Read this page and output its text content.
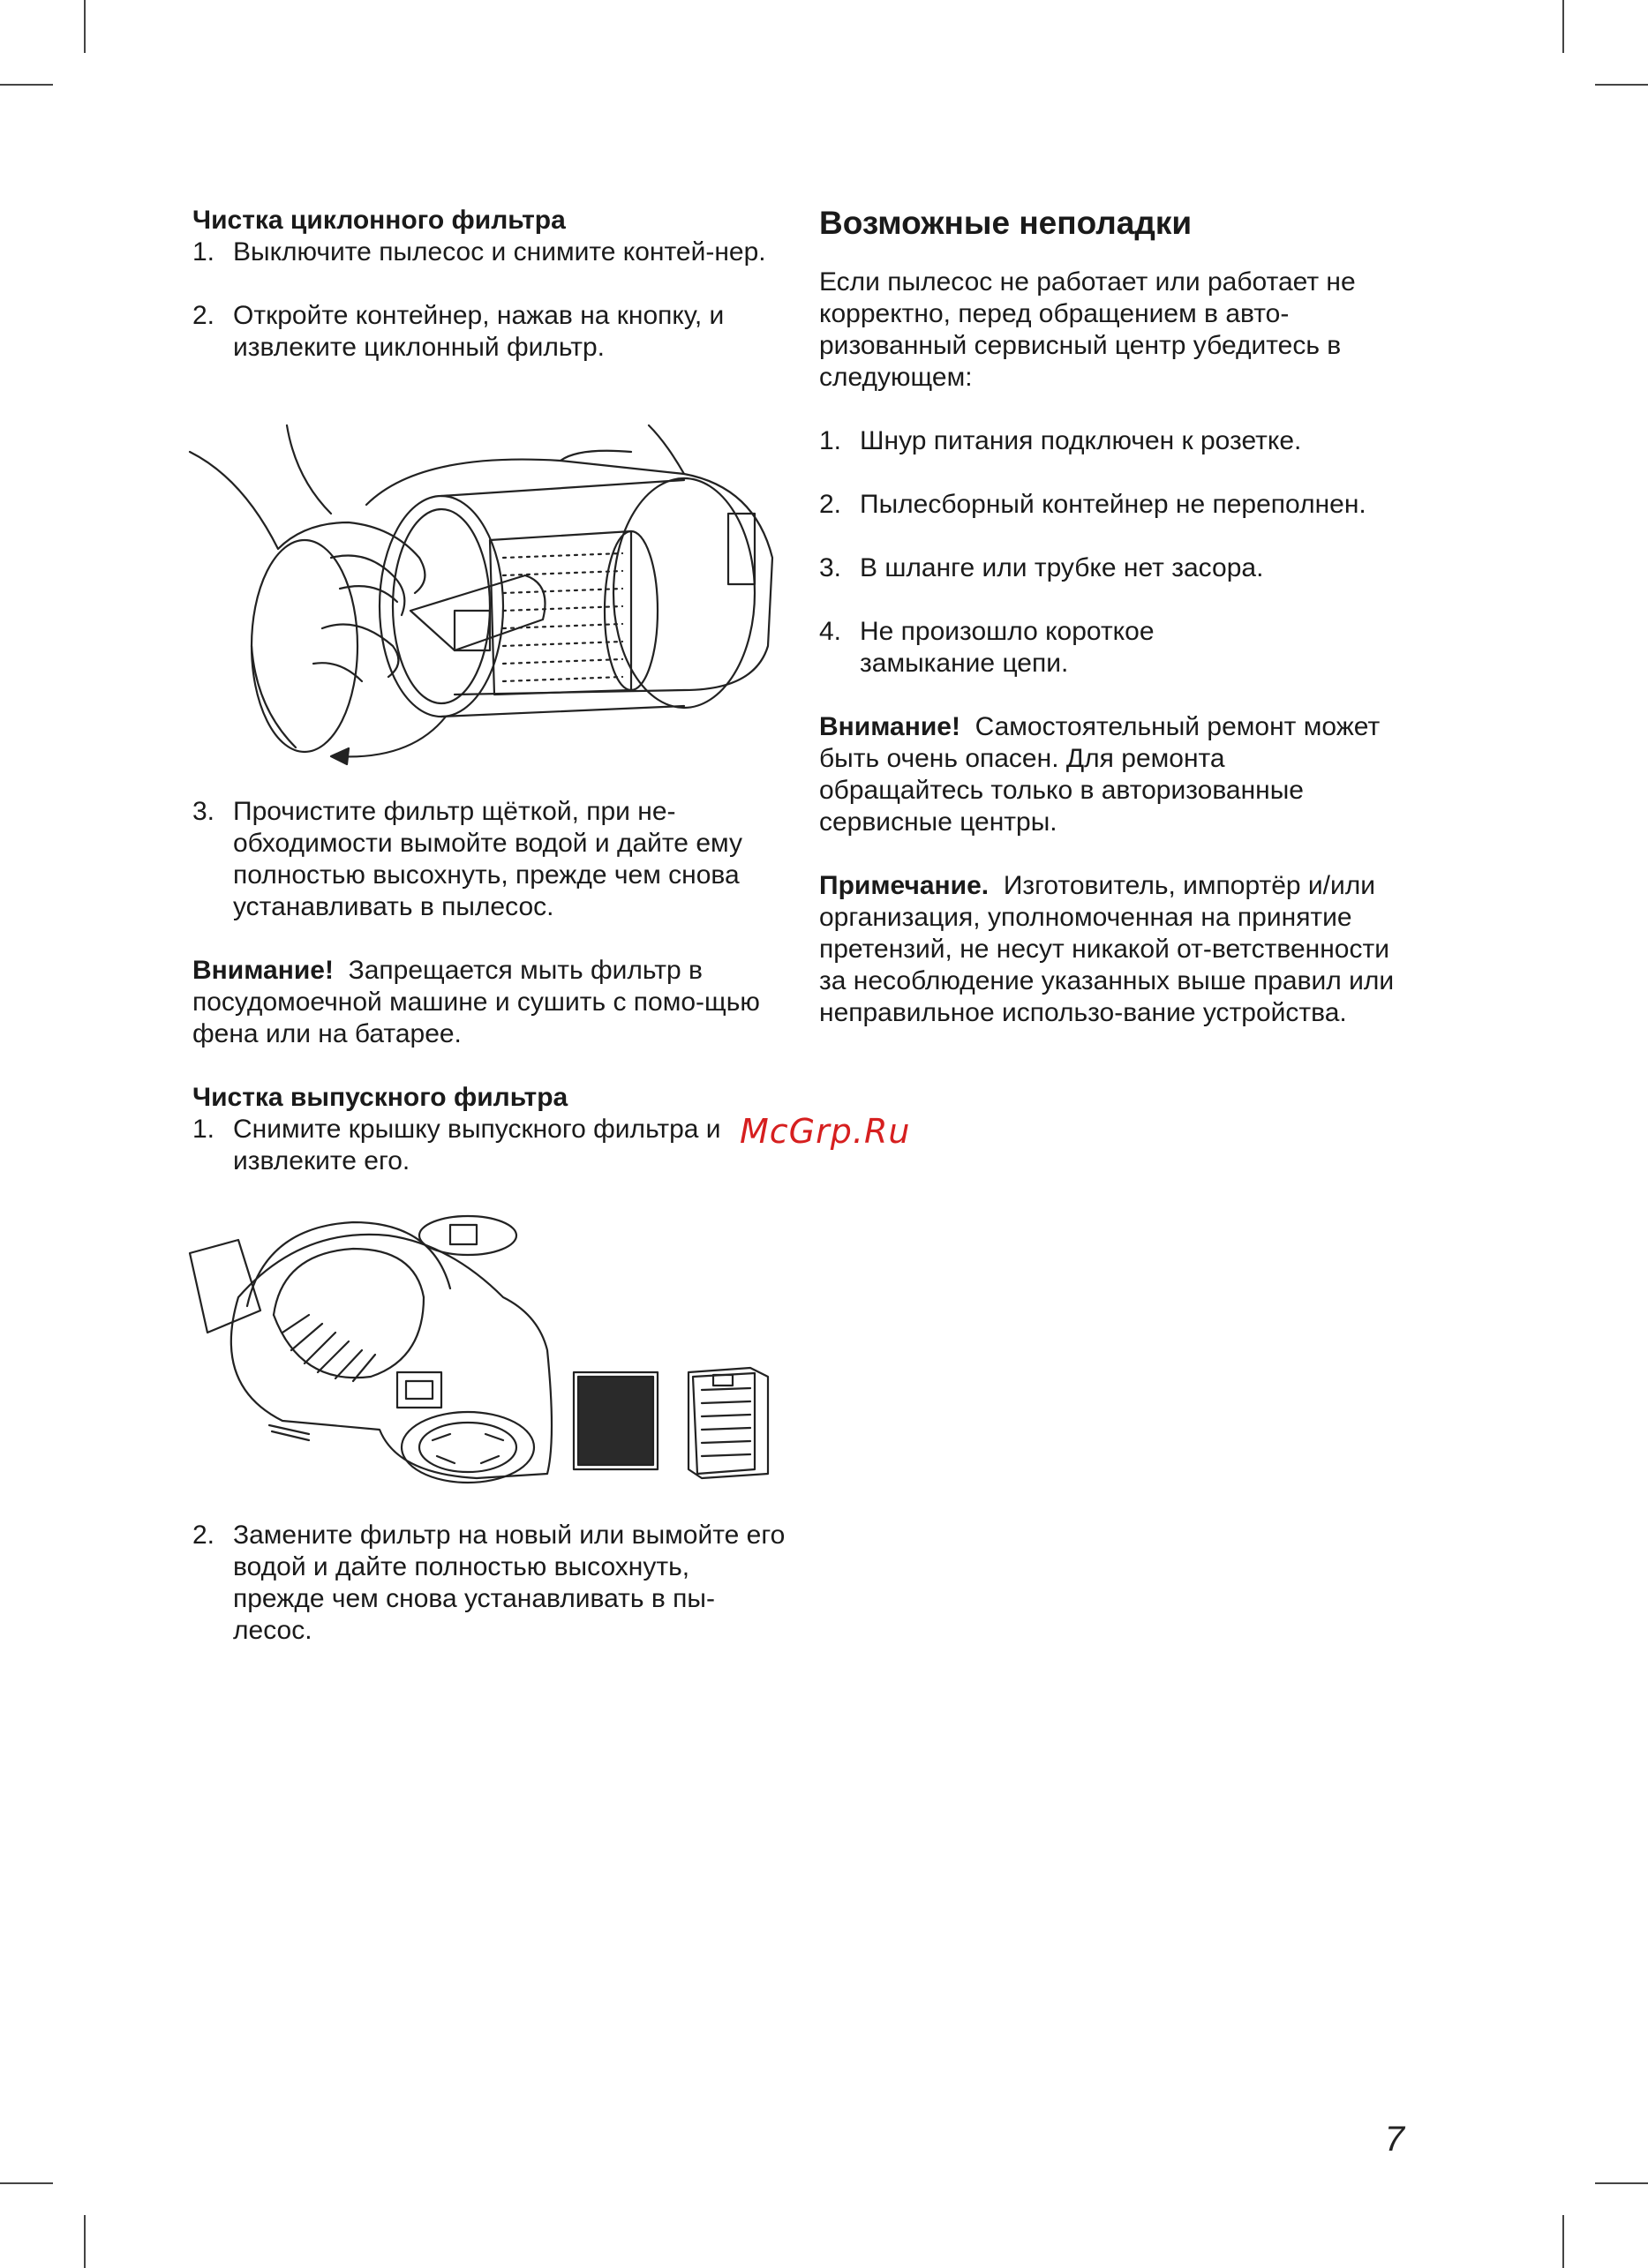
Чистка циклонного фильтра
1. Выключите пылесос и снимите контей-нер.
2. Откройте контейнер, нажав на кнопку, и извлеките циклонный фильтр.
3. Прочистите фильтр щёткой, при не-обходимости вымойте водой и дайте ему полностью высохнуть, прежде чем снова устанавливать в пылесос.

Внимание! Запрещается мыть фильтр в посудомоечной машине и сушить с помо-щью фена или на батарее.

Чистка выпускного фильтра
1. Снимите крышку выпускного фильтра и извлеките его.
2. Замените фильтр на новый или вымойте его водой и дайте полностью высохнуть, прежде чем снова устанавливать в пы-лесос.
Возможные неполадки

Если пылесос не работает или работает не корректно, перед обращением в авто-ризованный сервисный центр убедитесь в следующем:

1. Шнур питания подключен к розетке.
2. Пылесборный контейнер не переполнен.
3. В шланге или трубке нет засора.
4. Не произошло короткое замыкание цепи.

Внимание! Самостоятельный ремонт может быть очень опасен. Для ремонта обращайтесь только в авторизованные сервисные центры.

Примечание. Изготовитель, импортёр и/или организация, уполномоченная на принятие претензий, не несут никакой от-ветственности за несоблюдение указанных выше правил или неправильное использо-вание устройства.

McGrp.Ru
7
